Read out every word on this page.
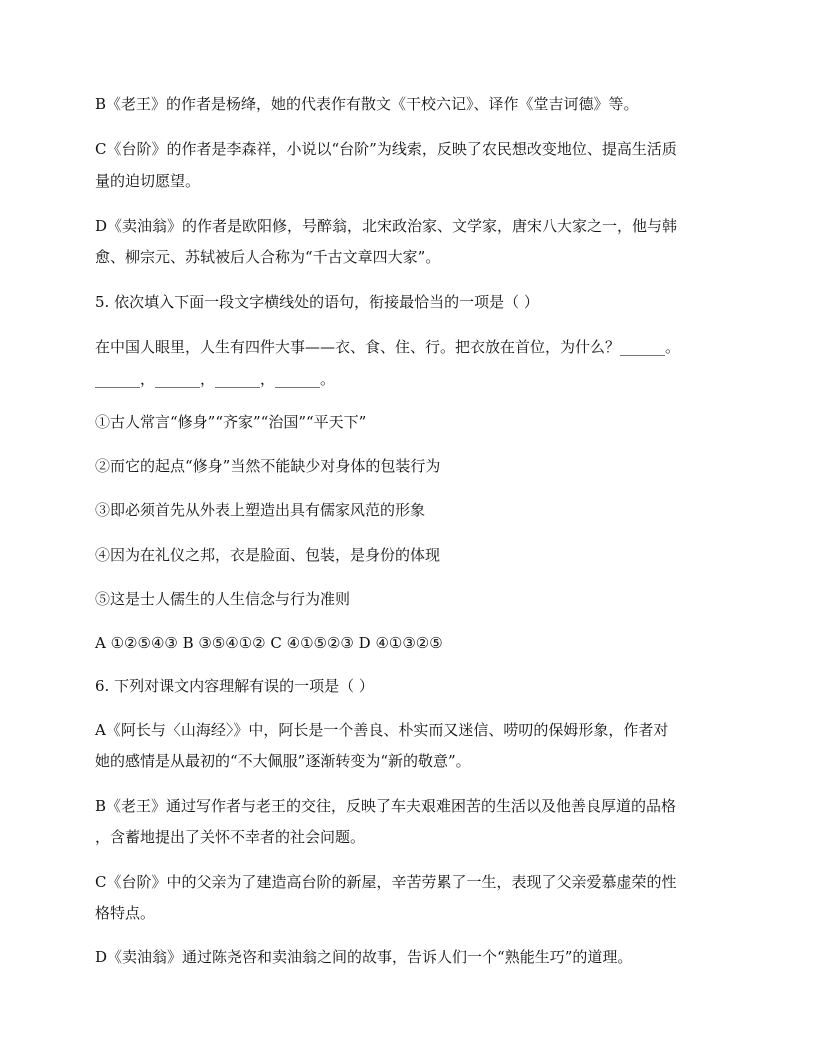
B《老王》的作者是杨绛，她的代表作有散文《干校六记》、译作《堂吉诃德》等。
C《台阶》的作者是李森祥，小说以“台阶”为线索，反映了农民想改变地位、提高生活质
量的迫切愿望。
D《卖油翁》的作者是欧阳修，号醉翁，北宋政治家、文学家，唐宋八大家之一，他与韩
愈、柳宗元、苏轼被后人合称为“千古文章四大家”。
5. 依次填入下面一段文字横线处的语句，衔接最恰当的一项是（ ）
在中国人眼里，人生有四件大事——衣、食、住、行。把衣放在首位，为什么？______。
______，______，______，______。
①古人常言“修身”“齐家”“治国”“平天下”
②而它的起点“修身”当然不能缺少对身体的包装行为
③即必须首先从外表上塑造出具有儒家风范的形象
④因为在礼仪之邦，衣是脸面、包装，是身份的体现
⑤这是士人儒生的人生信念与行为准则
A ①②⑤④③ B ③⑤④①② C ④①⑤②③ D ④①③②⑤
6. 下列对课文内容理解有误的一项是（ ）
A《阿长与〈山海经〉》中，阿长是一个善良、朴实而又迷信、唠叨的保姆形象，作者对
她的感情是从最初的“不大佩服”逐渐转变为“新的敬意”。
B《老王》通过写作者与老王的交往，反映了车夫艰难困苦的生活以及他善良厚道的品格
，含蓄地提出了关怀不幸者的社会问题。
C《台阶》中的父亲为了建造高台阶的新屋，辛苦劳累了一生，表现了父亲爱慕虚荣的性
格特点。
D《卖油翁》通过陈尧咨和卖油翁之间的故事，告诉人们一个“熟能生巧”的道理。
